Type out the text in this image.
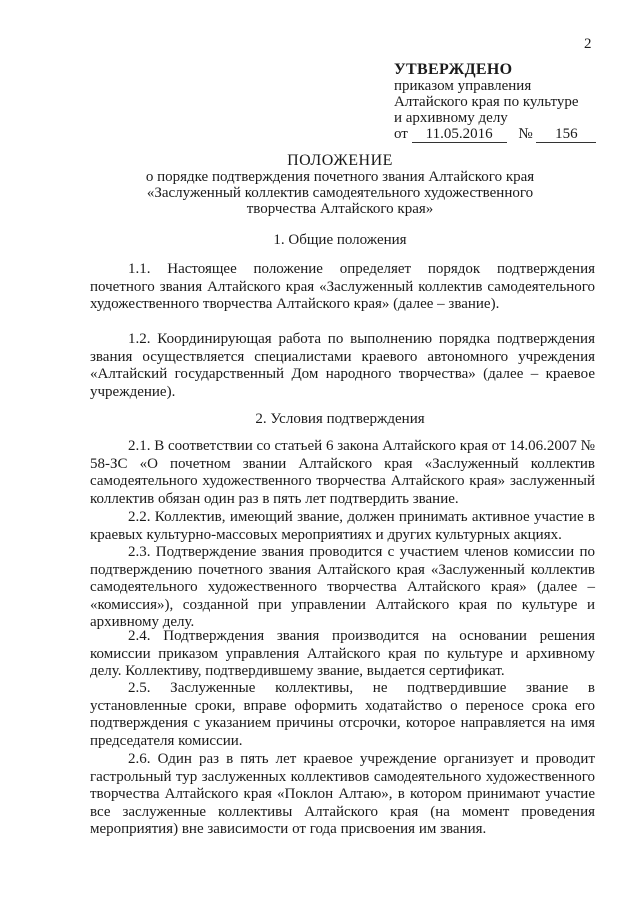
2
УТВЕРЖДЕНО
приказом управления
Алтайского края по культуре
и архивному делу
от 11.05.2016 № 156
ПОЛОЖЕНИЕ
о порядке подтверждения почетного звания Алтайского края
«Заслуженный коллектив самодеятельного художественного
творчества Алтайского края»
1. Общие положения
1.1. Настоящее положение определяет порядок подтверждения почетного звания Алтайского края «Заслуженный коллектив самодеятельного художественного творчества Алтайского края» (далее – звание).
1.2. Координирующая работа по выполнению порядка подтверждения звания осуществляется специалистами краевого автономного учреждения «Алтайский государственный Дом народного творчества» (далее – краевое учреждение).
2. Условия подтверждения
2.1. В соответствии со статьей 6 закона Алтайского края от 14.06.2007 № 58-ЗС «О почетном звании Алтайского края «Заслуженный коллектив самодеятельного художественного творчества Алтайского края» заслуженный коллектив обязан один раз в пять лет подтвердить звание.
2.2. Коллектив, имеющий звание, должен принимать активное участие в краевых культурно-массовых мероприятиях и других культурных акциях.
2.3. Подтверждение звания проводится с участием членов комиссии по подтверждению почетного звания Алтайского края «Заслуженный коллектив самодеятельного художественного творчества Алтайского края» (далее – «комиссия»), созданной при управлении Алтайского края по культуре и архивному делу.
2.4. Подтверждения звания производится на основании решения комиссии приказом управления Алтайского края по культуре и архивному делу. Коллективу, подтвердившему звание, выдается сертификат.
2.5. Заслуженные коллективы, не подтвердившие звание в установленные сроки, вправе оформить ходатайство о переносе срока его подтверждения с указанием причины отсрочки, которое направляется на имя председателя комиссии.
2.6. Один раз в пять лет краевое учреждение организует и проводит гастрольный тур заслуженных коллективов самодеятельного художественного творчества Алтайского края «Поклон Алтаю», в котором принимают участие все заслуженные коллективы Алтайского края (на момент проведения мероприятия) вне зависимости от года присвоения им звания.
